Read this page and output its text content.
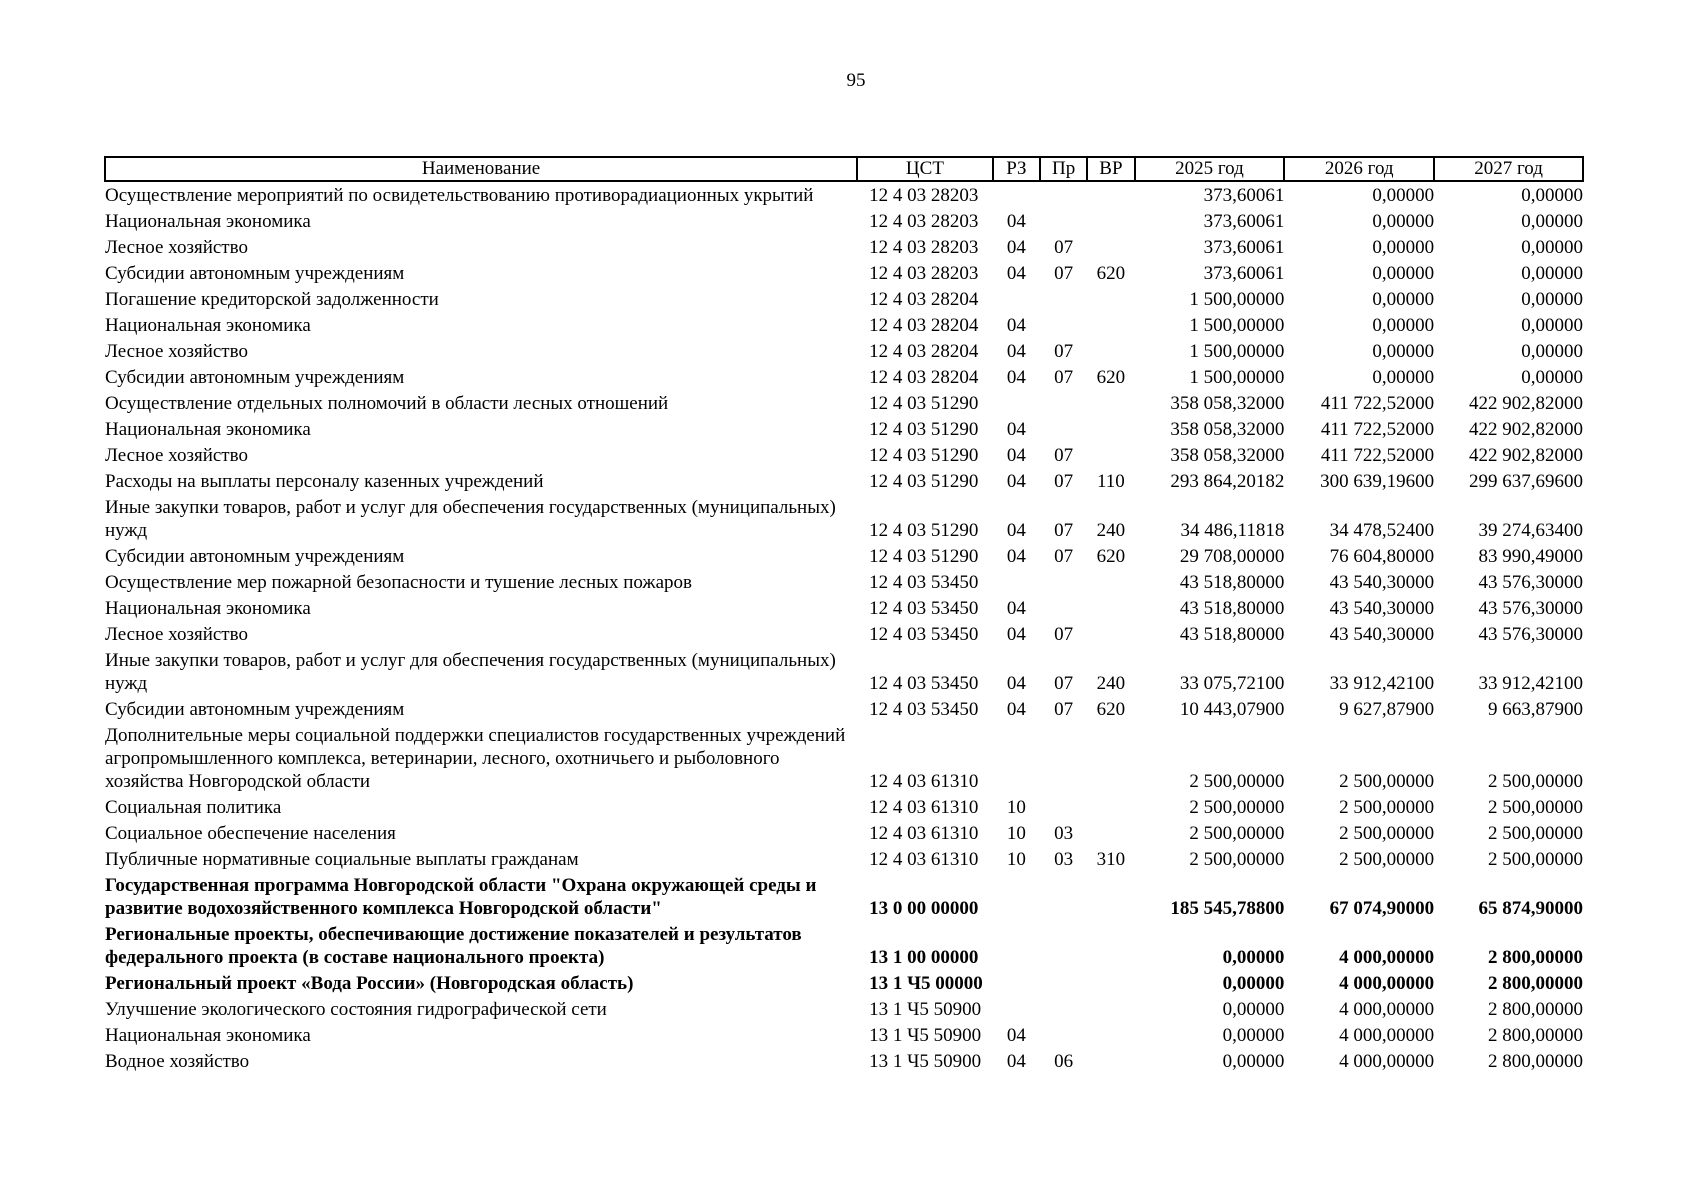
95
Наименование	ЦСТ	РЗ	Пр	ВР	2025 год	2026 год	2027 год
Осуществление мероприятий по освидетельствованию противорадиационных укрытий	12 4 03 28203				373,60061	0,00000	0,00000
Национальная экономика	12 4 03 28203	04			373,60061	0,00000	0,00000
Лесное хозяйство	12 4 03 28203	04	07		373,60061	0,00000	0,00000
Субсидии автономным учреждениям	12 4 03 28203	04	07	620	373,60061	0,00000	0,00000
Погашение кредиторской задолженности	12 4 03 28204				1 500,00000	0,00000	0,00000
Национальная экономика	12 4 03 28204	04			1 500,00000	0,00000	0,00000
Лесное хозяйство	12 4 03 28204	04	07		1 500,00000	0,00000	0,00000
Субсидии автономным учреждениям	12 4 03 28204	04	07	620	1 500,00000	0,00000	0,00000
Осуществление отдельных полномочий в области лесных отношений	12 4 03 51290				358 058,32000	411 722,52000	422 902,82000
Национальная экономика	12 4 03 51290	04			358 058,32000	411 722,52000	422 902,82000
Лесное хозяйство	12 4 03 51290	04	07		358 058,32000	411 722,52000	422 902,82000
Расходы на выплаты персоналу казенных учреждений	12 4 03 51290	04	07	110	293 864,20182	300 639,19600	299 637,69600
Иные закупки товаров, работ и услуг для обеспечения государственных (муниципальных) нужд	12 4 03 51290	04	07	240	34 486,11818	34 478,52400	39 274,63400
Субсидии автономным учреждениям	12 4 03 51290	04	07	620	29 708,00000	76 604,80000	83 990,49000
Осуществление мер пожарной безопасности и тушение лесных пожаров	12 4 03 53450				43 518,80000	43 540,30000	43 576,30000
Национальная экономика	12 4 03 53450	04			43 518,80000	43 540,30000	43 576,30000
Лесное хозяйство	12 4 03 53450	04	07		43 518,80000	43 540,30000	43 576,30000
Иные закупки товаров, работ и услуг для обеспечения государственных (муниципальных) нужд	12 4 03 53450	04	07	240	33 075,72100	33 912,42100	33 912,42100
Субсидии автономным учреждениям	12 4 03 53450	04	07	620	10 443,07900	9 627,87900	9 663,87900
Дополнительные меры социальной поддержки специалистов государственных учреждений агропромышленного комплекса, ветеринарии, лесного, охотничьего и рыболовного хозяйства Новгородской области	12 4 03 61310				2 500,00000	2 500,00000	2 500,00000
Социальная политика	12 4 03 61310	10			2 500,00000	2 500,00000	2 500,00000
Социальное обеспечение населения	12 4 03 61310	10	03		2 500,00000	2 500,00000	2 500,00000
Публичные нормативные социальные выплаты гражданам	12 4 03 61310	10	03	310	2 500,00000	2 500,00000	2 500,00000
Государственная программа Новгородской области "Охрана окружающей среды и развитие водохозяйственного комплекса Новгородской области"	13 0 00 00000				185 545,78800	67 074,90000	65 874,90000
Региональные проекты, обеспечивающие достижение показателей и результатов федерального проекта (в составе национального проекта)	13 1 00 00000				0,00000	4 000,00000	2 800,00000
Региональный проект «Вода России» (Новгородская область)	13 1 Ч5 00000				0,00000	4 000,00000	2 800,00000
Улучшение экологического состояния гидрографической сети	13 1 Ч5 50900				0,00000	4 000,00000	2 800,00000
Национальная экономика	13 1 Ч5 50900	04			0,00000	4 000,00000	2 800,00000
Водное хозяйство	13 1 Ч5 50900	04	06		0,00000	4 000,00000	2 800,00000
